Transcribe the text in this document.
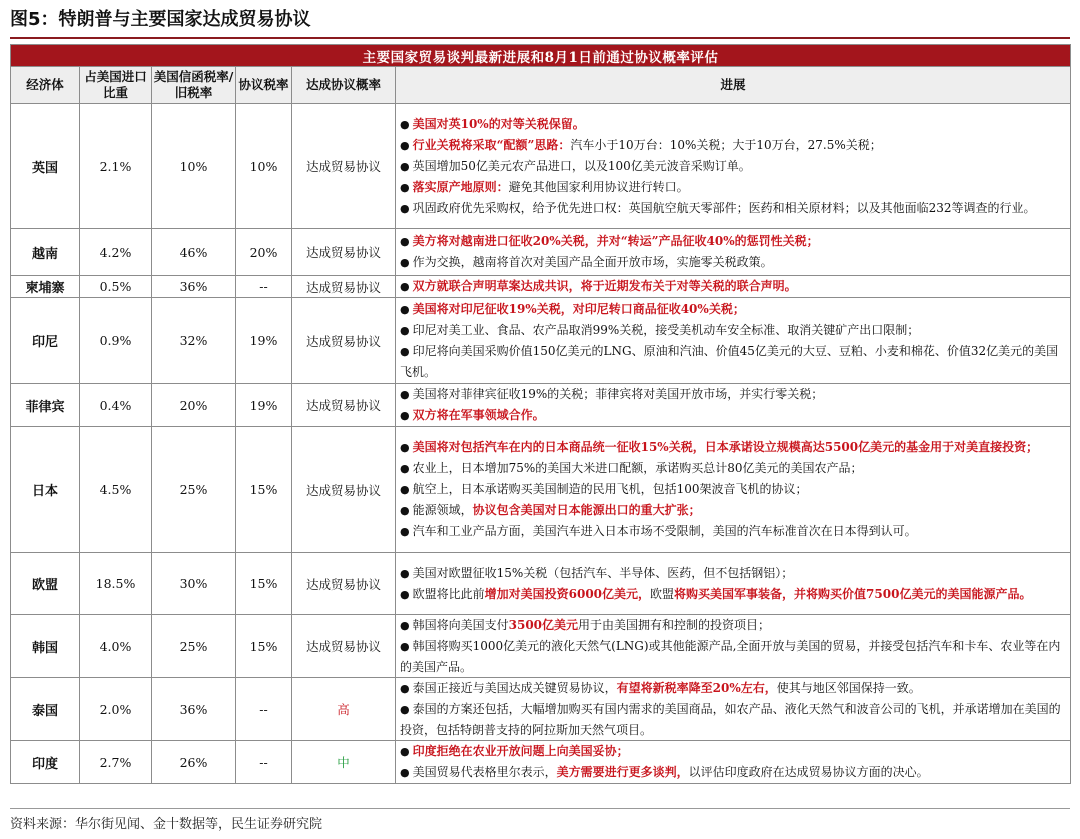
图5：特朗普与主要国家达成贸易协议
主要国家贸易谈判最新进展和8月1日前通过协议概率评估					
经济体	占美国进口比重	美国信函税率/旧税率	协议税率	达成协议概率	进展
英国	2.1%	10%	10%	达成贸易协议	● 美国对英10%的对等关税保留。
● 行业关税将采取“配额”思路：汽车小于10万台：10%关税；大于10万台，27.5%关税；
● 英国增加50亿美元农产品进口，以及100亿美元波音采购订单。
● 落实原产地原则：避免其他国家利用协议进行转口。
● 巩固政府优先采购权，给予优先进口权：英国航空航天零部件；医药和相关原材料；以及其他面临232等调查的行业。

越南	4.2%	46%	20%	达成贸易协议	● 美方将对越南进口征收20%关税，并对“转运”产品征收40%的惩罚性关税；
● 作为交换，越南将首次对美国产品全面开放市场，实施零关税政策。

柬埔寨	0.5%	36%	--	达成贸易协议	● 双方就联合声明草案达成共识，将于近期发布关于对等关税的联合声明。

印尼	0.9%	32%	19%	达成贸易协议	● 美国将对印尼征收19%关税，对印尼转口商品征收40%关税；
● 印尼对美工业、食品、农产品取消99%关税，接受美机动车安全标准、取消关键矿产出口限制；
● 印尼将向美国采购价值150亿美元的LNG、原油和汽油、价值45亿美元的大豆、豆粕、小麦和棉花、价值32亿美元的美国飞机。

菲律宾	0.4%	20%	19%	达成贸易协议	● 美国将对菲律宾征收19%的关税；菲律宾将对美国开放市场，并实行零关税；
● 双方将在军事领域合作。

日本	4.5%	25%	15%	达成贸易协议	● 美国将对包括汽车在内的日本商品统一征收15%关税，日本承诺设立规模高达5500亿美元的基金用于对美直接投资；
● 农业上，日本增加75%的美国大米进口配额，承诺购买总计80亿美元的美国农产品；
● 航空上，日本承诺购买美国制造的民用飞机，包括100架波音飞机的协议；
● 能源领域，协议包含美国对日本能源出口的重大扩张；
● 汽车和工业产品方面，美国汽车进入日本市场不受限制，美国的汽车标准首次在日本得到认可。

欧盟	18.5%	30%	15%	达成贸易协议	● 美国对欧盟征收15%关税（包括汽车、半导体、医药，但不包括钢铝）；
● 欧盟将比此前增加对美国投资6000亿美元，欧盟将购买美国军事装备，并将购买价值7500亿美元的美国能源产品。

韩国	4.0%	25%	15%	达成贸易协议	● 韩国将向美国支付3500亿美元用于由美国拥有和控制的投资项目；
● 韩国将购买1000亿美元的液化天然气(LNG)或其他能源产品,全面开放与美国的贸易，并接受包括汽车和卡车、农业等在内的美国产品。

泰国	2.0%	36%	--	高	● 泰国正接近与美国达成关键贸易协议，有望将新税率降至20%左右，使其与地区邻国保持一致。
● 泰国的方案还包括，大幅增加购买有国内需求的美国商品，如农产品、液化天然气和波音公司的飞机，并承诺增加在美国的投资，包括特朗普支持的阿拉斯加天然气项目。

印度	2.7%	26%	--	中	● 印度拒绝在农业开放问题上向美国妥协；
● 美国贸易代表格里尔表示，美方需要进行更多谈判，以评估印度政府在达成贸易协议方面的决心。
资料来源：华尔街见闻、金十数据等，民生证券研究院
